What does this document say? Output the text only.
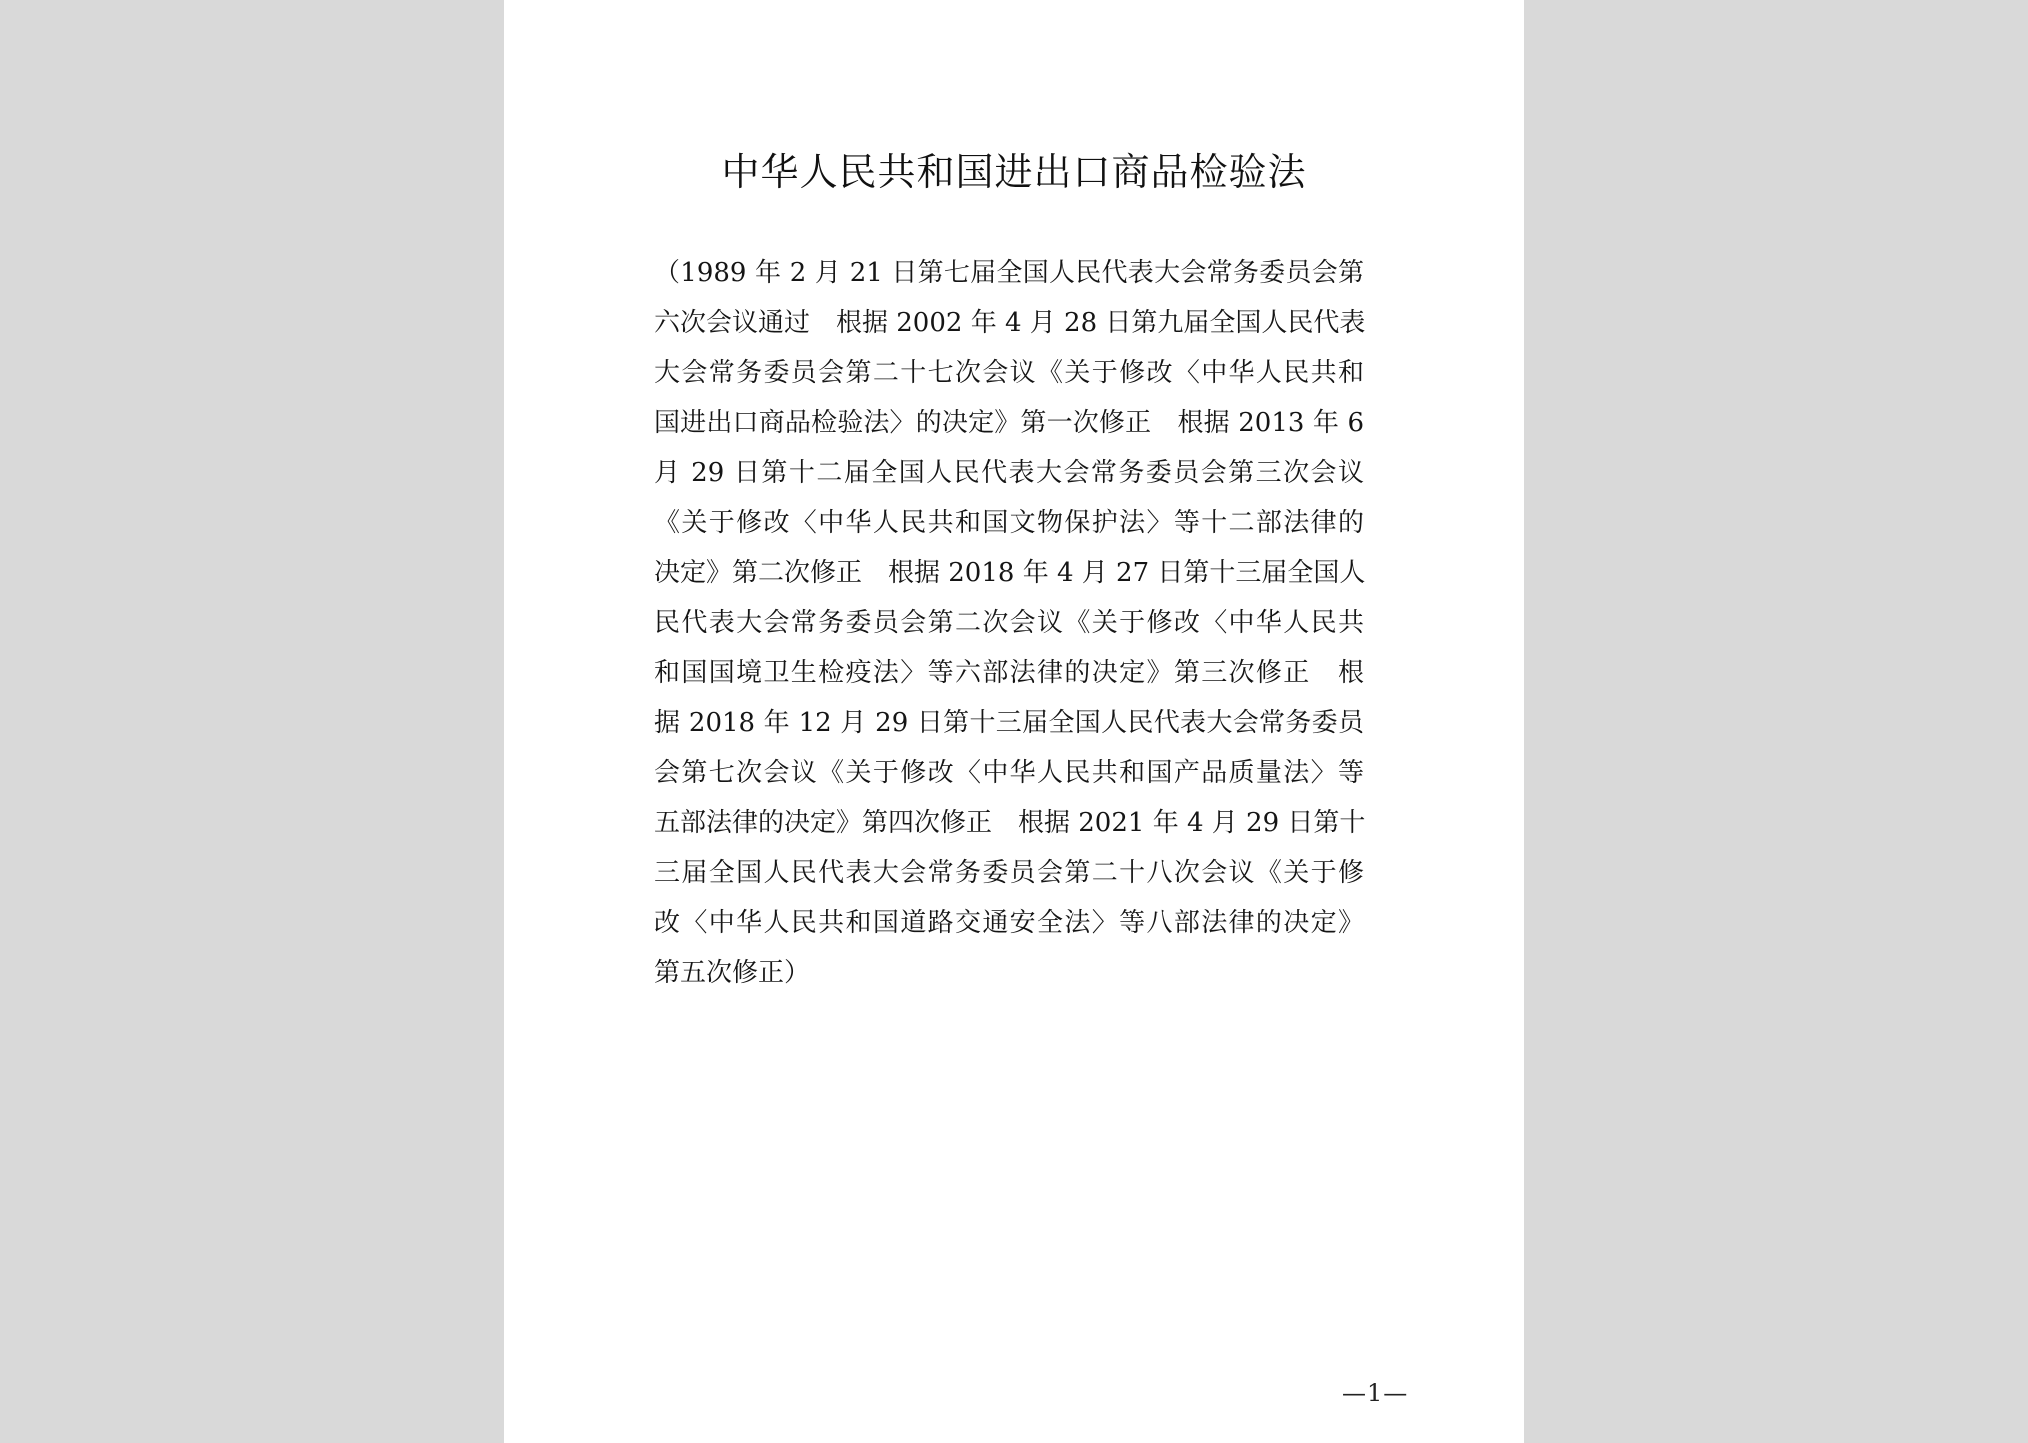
中华人民共和国进出口商品检验法
（1989 年 2 月 21 日第七届全国人民代表大会常务委员会第
六次会议通过　根据 2002 年 4 月 28 日第九届全国人民代表
大会常务委员会第二十七次会议《关于修改〈中华人民共和
国进出口商品检验法〉的决定》第一次修正　根据 2013 年 6
月 29 日第十二届全国人民代表大会常务委员会第三次会议
《关于修改〈中华人民共和国文物保护法〉等十二部法律的
决定》第二次修正　根据 2018 年 4 月 27 日第十三届全国人
民代表大会常务委员会第二次会议《关于修改〈中华人民共
和国国境卫生检疫法〉等六部法律的决定》第三次修正　根
据 2018 年 12 月 29 日第十三届全国人民代表大会常务委员
会第七次会议《关于修改〈中华人民共和国产品质量法〉等
五部法律的决定》第四次修正　根据 2021 年 4 月 29 日第十
三届全国人民代表大会常务委员会第二十八次会议《关于修
改〈中华人民共和国道路交通安全法〉等八部法律的决定》
第五次修正）
—1—
